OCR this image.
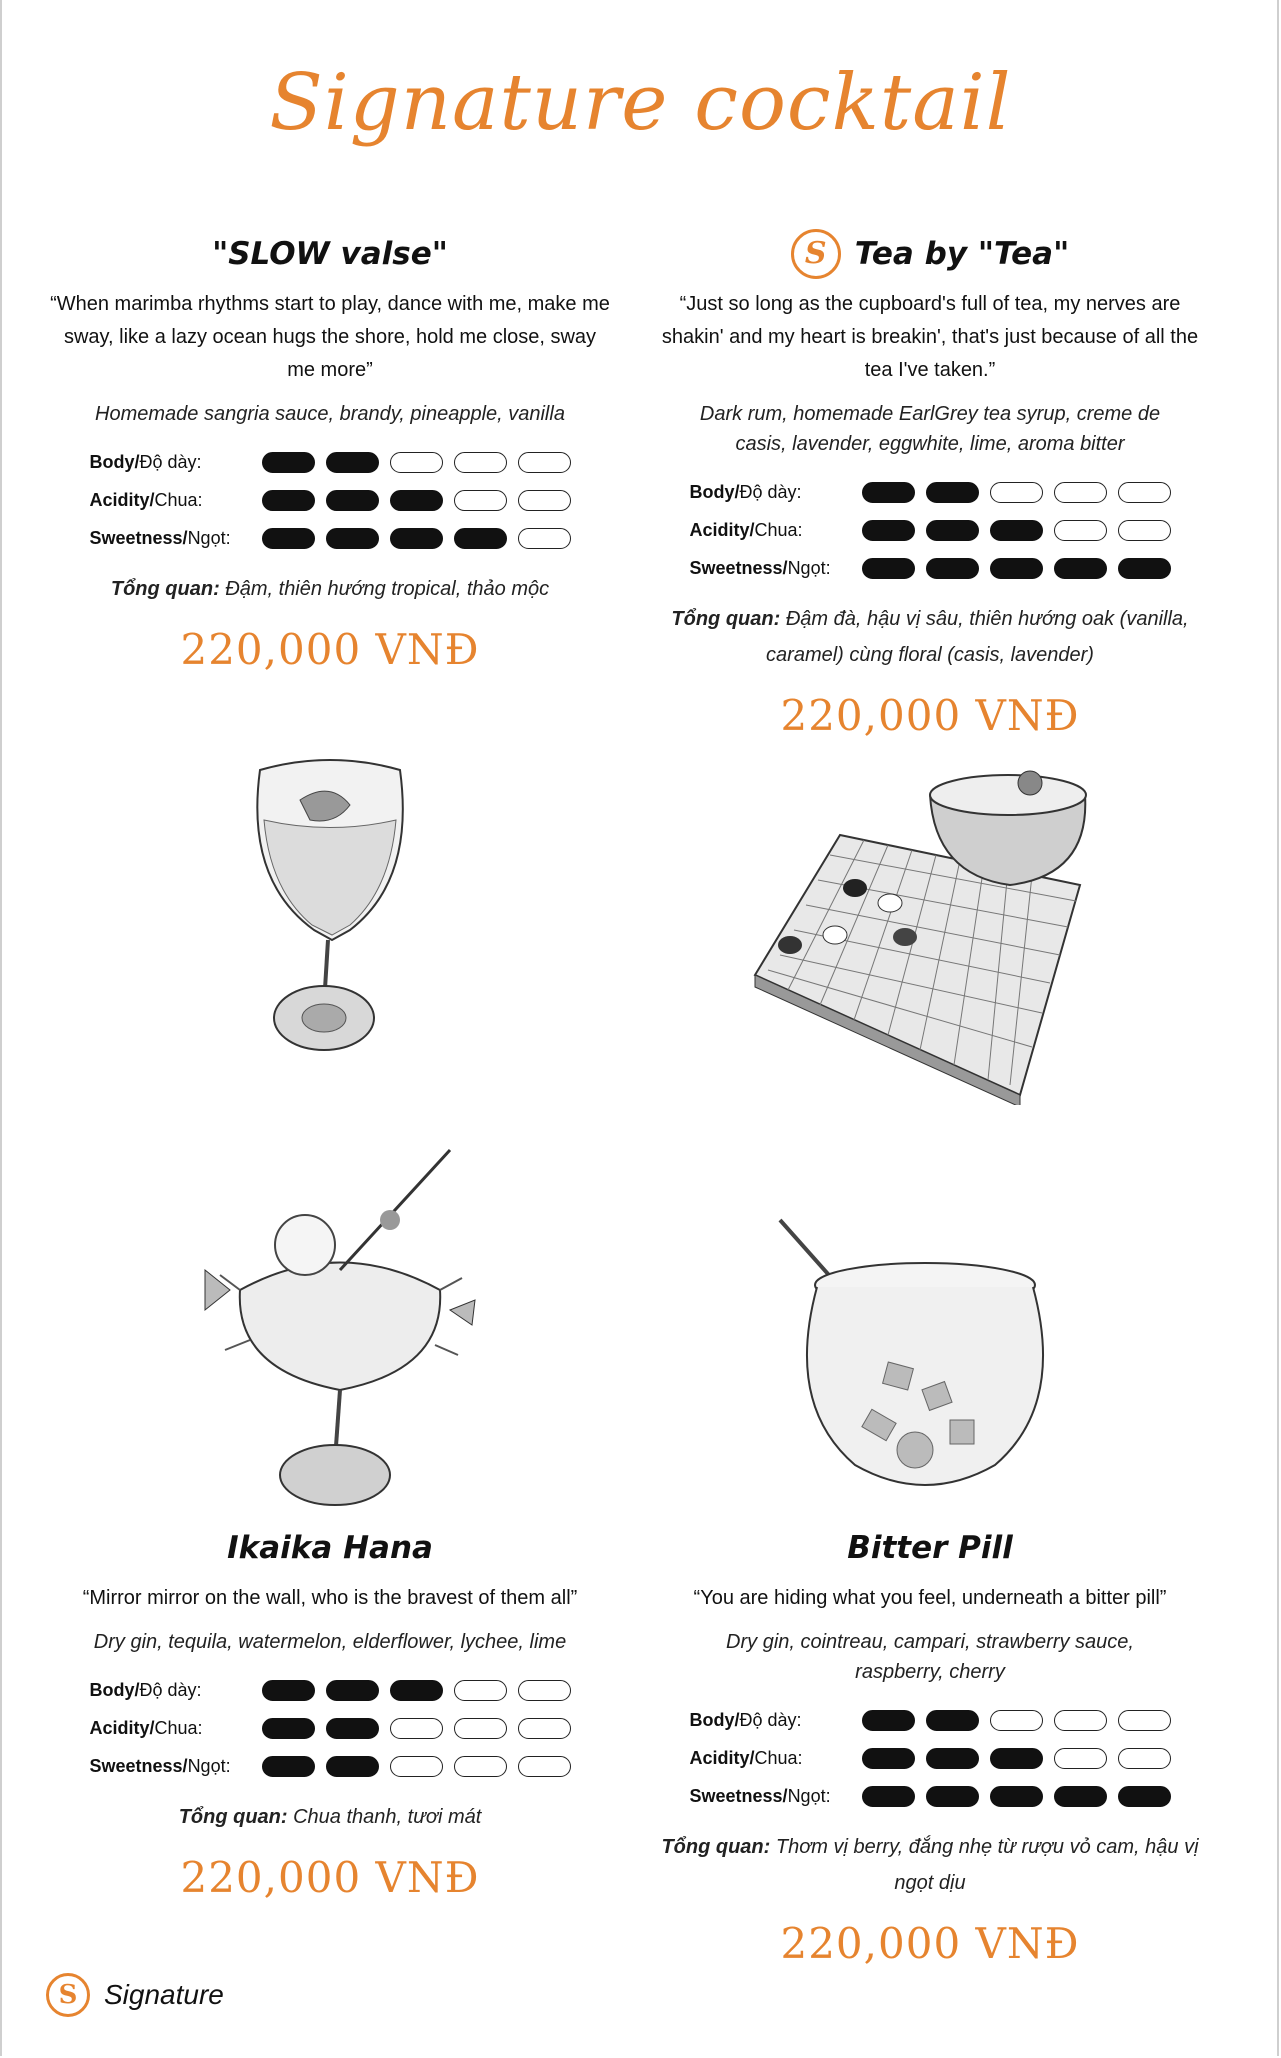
Signature cocktail
"SLOW valse"
“When marimba rhythms start to play, dance with me, make me sway, like a lazy ocean hugs the shore, hold me close, sway me more”
Homemade sangria sauce, brandy, pineapple, vanilla
Body/Độ dày:
Acidity/Chua:
Sweetness/Ngọt:
Tổng quan: Đậm, thiên hướng tropical, thảo mộc
220,000 VNĐ
S Tea by "Tea"
“Just so long as the cupboard's full of tea, my nerves are shakin' and my heart is breakin', that's just because of all the tea I've taken.”
Dark rum, homemade EarlGrey tea syrup, creme de casis, lavender, eggwhite, lime, aroma bitter
Body/Độ dày:
Acidity/Chua:
Sweetness/Ngọt:
Tổng quan: Đậm đà, hậu vị sâu, thiên hướng oak (vanilla, caramel) cùng floral (casis, lavender)
220,000 VNĐ
Ikaika Hana
“Mirror mirror on the wall, who is the bravest of them all”
Dry gin, tequila, watermelon, elderflower, lychee, lime
Body/Độ dày:
Acidity/Chua:
Sweetness/Ngọt:
Tổng quan: Chua thanh, tươi mát
220,000 VNĐ
Bitter Pill
“You are hiding what you feel, underneath a bitter pill”
Dry gin, cointreau, campari, strawberry sauce, raspberry, cherry
Body/Độ dày:
Acidity/Chua:
Sweetness/Ngọt:
Tổng quan: Thơm vị berry, đắng nhẹ từ rượu vỏ cam, hậu vị ngọt dịu
220,000 VNĐ
S Signature
